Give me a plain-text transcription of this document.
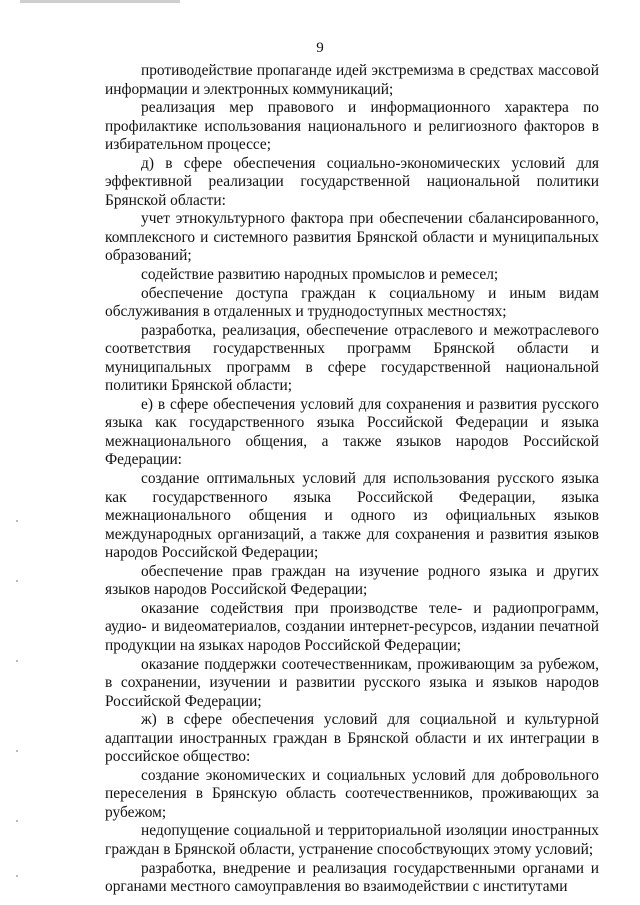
9

противодействие пропаганде идей экстремизма в средствах массовой информации и электронных коммуникаций;

реализация мер правового и информационного характера по профилактике использования национального и религиозного факторов в избирательном процессе;

д) в сфере обеспечения социально-экономических условий для эффективной реализации государственной национальной политики Брянской области:

учет этнокультурного фактора при обеспечении сбалансированного, комплексного и системного развития Брянской области и муниципальных образований;

содействие развитию народных промыслов и ремесел;

обеспечение доступа граждан к социальному и иным видам обслуживания в отдаленных и труднодоступных местностях;

разработка, реализация, обеспечение отраслевого и межотраслевого соответствия государственных программ Брянской области и муниципальных программ в сфере государственной национальной политики Брянской области;

е) в сфере обеспечения условий для сохранения и развития русского языка как государственного языка Российской Федерации и языка межнационального общения, а также языков народов Российской Федерации:

создание оптимальных условий для использования русского языка как государственного языка Российской Федерации, языка межнационального общения и одного из официальных языков международных организаций, а также для сохранения и развития языков народов Российской Федерации;

обеспечение прав граждан на изучение родного языка и других языков народов Российской Федерации;

оказание содействия при производстве теле- и радиопрограмм, аудио- и видеоматериалов, создании интернет-ресурсов, издании печатной продукции на языках народов Российской Федерации;

оказание поддержки соотечественникам, проживающим за рубежом, в сохранении, изучении и развитии русского языка и языков народов Российской Федерации;

ж) в сфере обеспечения условий для социальной и культурной адаптации иностранных граждан в Брянской области и их интеграции в российское общество:

создание экономических и социальных условий для добровольного переселения в Брянскую область соотечественников, проживающих за рубежом;

недопущение социальной и территориальной изоляции иностранных граждан в Брянской области, устранение способствующих этому условий;

разработка, внедрение и реализация государственными органами и органами местного самоуправления во взаимодействии с институтами
